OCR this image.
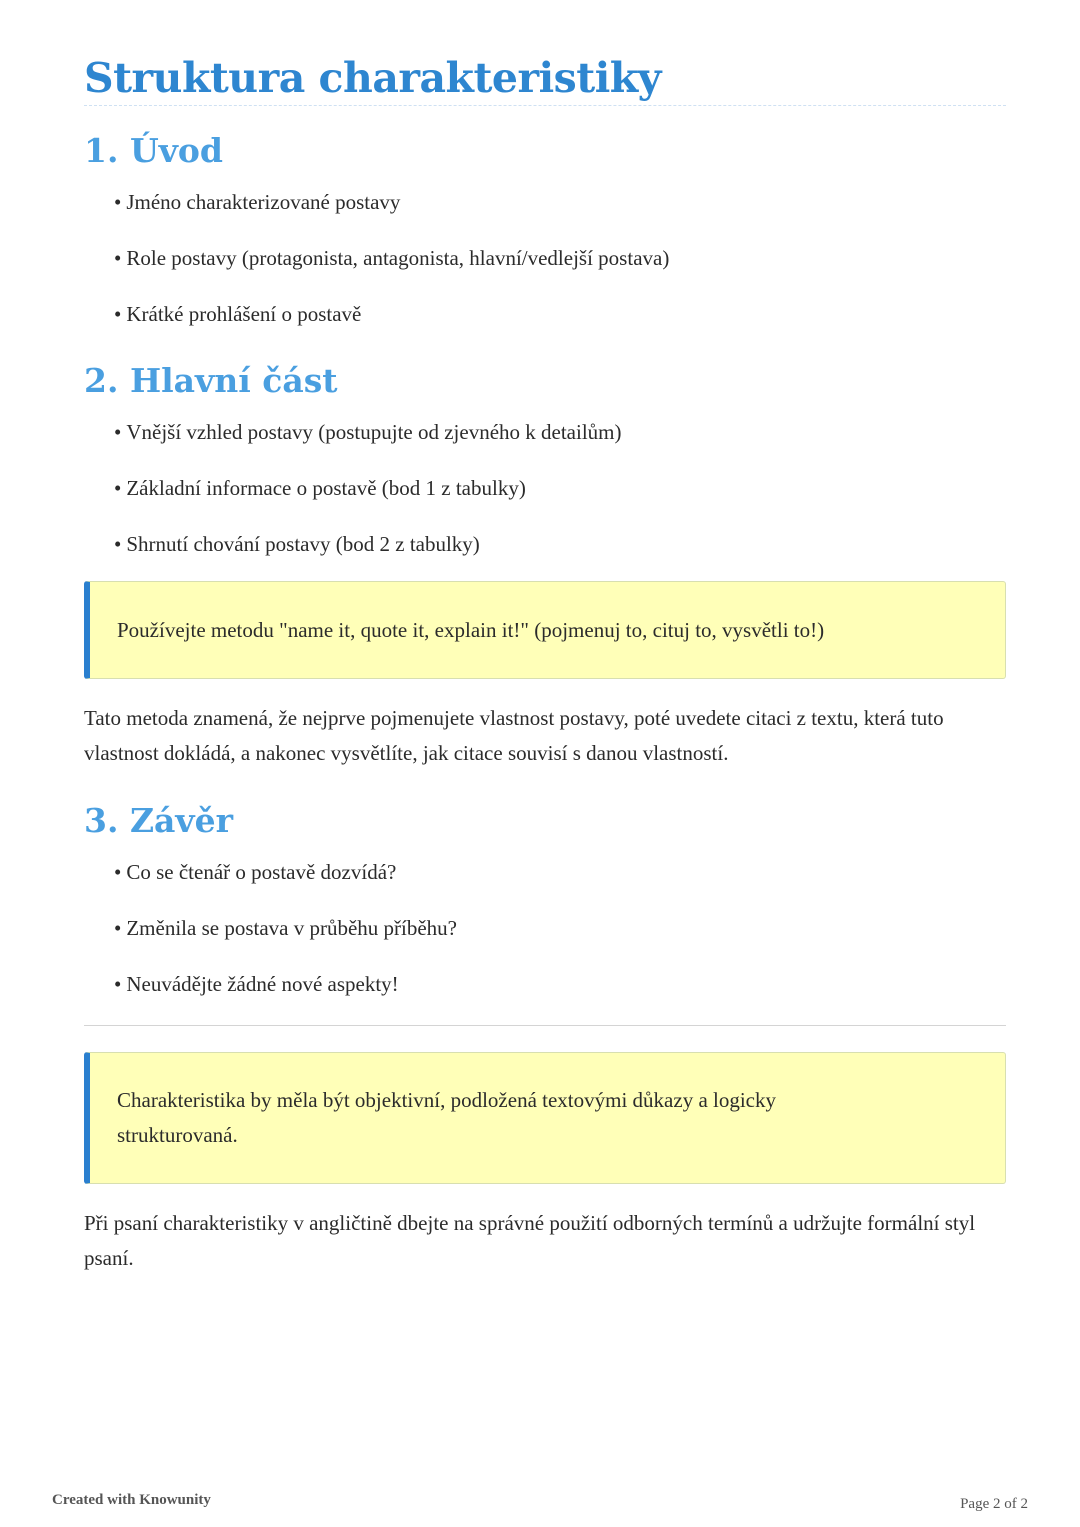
Struktura charakteristiky
1. Úvod
• Jméno charakterizované postavy
• Role postavy (protagonista, antagonista, hlavní/vedlejší postava)
• Krátké prohlášení o postavě
2. Hlavní část
• Vnější vzhled postavy (postupujte od zjevného k detailům)
• Základní informace o postavě (bod 1 z tabulky)
• Shrnutí chování postavy (bod 2 z tabulky)
Používejte metodu "name it, quote it, explain it!" (pojmenuj to, cituj to, vysvětli to!)

Tato metoda znamená, že nejprve pojmenujete vlastnost postavy, poté uvedete citaci z textu, která tuto vlastnost dokládá, a nakonec vysvětlíte, jak citace souvisí s danou vlastností.

3. Závěr
• Co se čtenář o postavě dozvídá?
• Změnila se postava v průběhu příběhu?
• Neuvádějte žádné nové aspekty!
Charakteristika by měla být objektivní, podložená textovými důkazy a logicky strukturovaná.

Při psaní charakteristiky v angličtině dbejte na správné použití odborných termínů a udržujte formální styl psaní.

Created with Knowunity	Page 2 of 2
